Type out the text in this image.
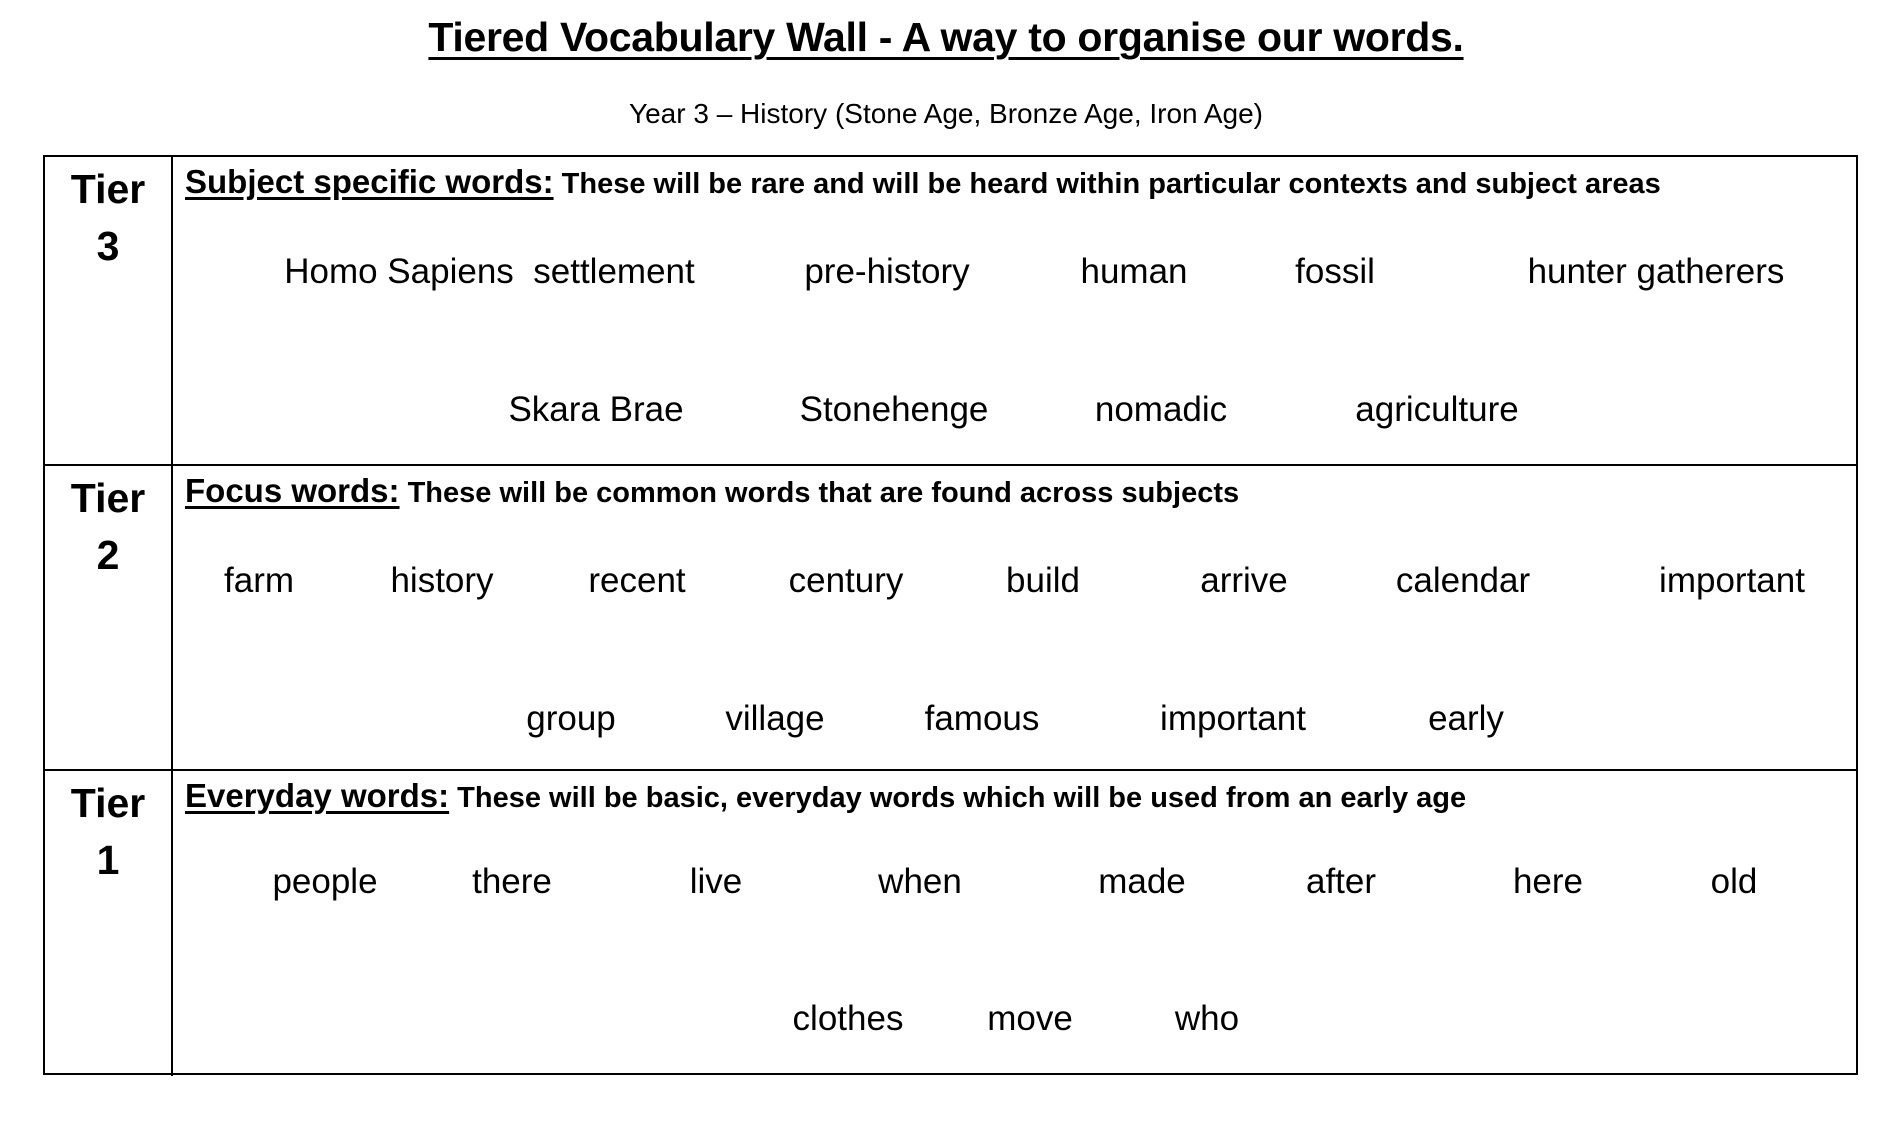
Tiered Vocabulary Wall - A way to organise our words.
Year 3 – History (Stone Age, Bronze Age, Iron Age)
Tier
3
Subject specific words: These will be rare and will be heard within particular contexts and subject areas
Homo Sapiens settlement	pre-history	human	fossil	hunter gatherers
Skara Brae	Stonehenge	nomadic	agriculture
Tier
2
Focus words: These will be common words that are found across subjects
farm	history	recent	century	build	arrive	calendar	important
group	village	famous	important	early
Tier
1
Everyday words: These will be basic, everyday words which will be used from an early age
people	there	live	when	made	after	here	old
clothes move	who
